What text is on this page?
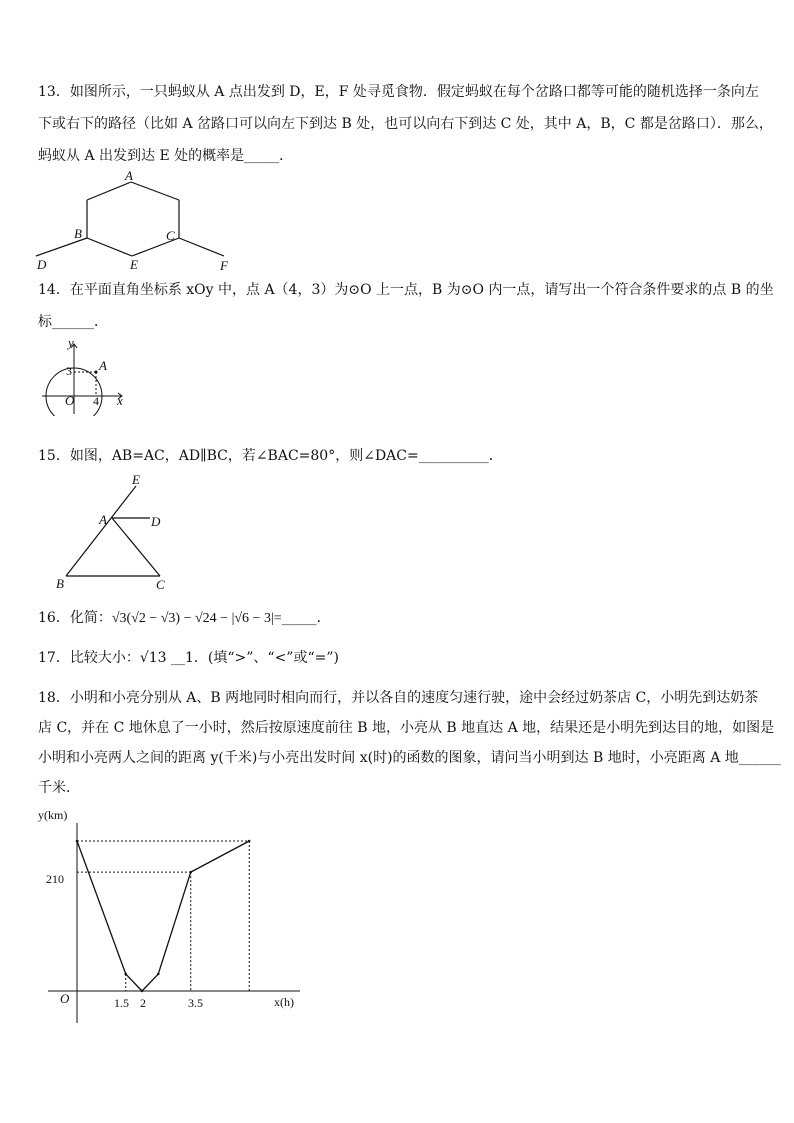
13．如图所示，一只蚂蚁从 A 点出发到 D，E，F 处寻觅食物．假定蚂蚁在每个岔路口都等可能的随机选择一条向左
下或右下的路径（比如 A 岔路口可以向左下到达 B 处，也可以向右下到达 C 处，其中 A，B，C 都是岔路口）．那么，
蚂蚁从 A 出发到达 E 处的概率是_____．
A
B	C
D	E	F
14．在平面直角坐标系 xOy 中，点 A（4，3）为⊙O 上一点，B 为⊙O 内一点，请写出一个符合条件要求的点 B 的坐
标______．
y
x
O
A
3
4
15．如图，AB=AC，AD∥BC，若∠BAC=80°，则∠DAC=__________．
E
A	D
B	C
16．化简：√3(√2 − √3) − √24 − |√6 − 3|=_____．
17．比较大小：√13 __1．(填“>”、“<”或“=”)
18．小明和小亮分别从 A、B 两地同时相向而行，并以各自的速度匀速行驶，途中会经过奶茶店 C，小明先到达奶茶
店 C，并在 C 地休息了一小时，然后按原速度前往 B 地，小亮从 B 地直达 A 地，结果还是小明先到达目的地，如图是
小明和小亮两人之间的距离 y(千米)与小亮出发时间 x(时)的函数的图象，请问当小明到达 B 地时，小亮距离 A 地______
千米．
y(km)
x(h)
O
210
1.5 2	3.5
